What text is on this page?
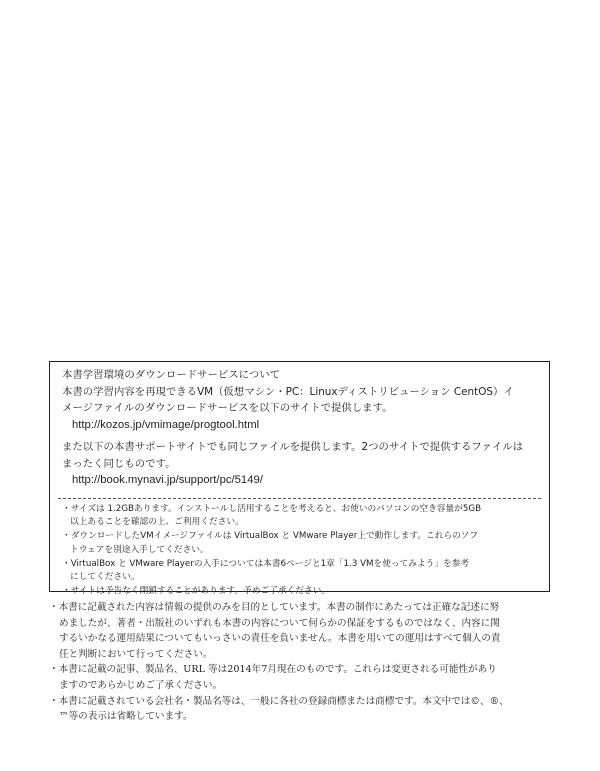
本書学習環境のダウンロードサービスについて

本書の学習内容を再現できるVM（仮想マシン・PC：Linuxディストリビューション CentOS）イ

メージファイルのダウンロードサービスを以下のサイトで提供します。

http://kozos.jp/vmimage/progtool.html

また以下の本書サポートサイトでも同じファイルを提供します。2つのサイトで提供するファイルは

まったく同じものです。

http://book.mynavi.jp/support/pc/5149/

・サイズは 1.2GBあります。インストールし活用することを考えると、お使いのパソコンの空き容量が5GB
以上あることを確認の上、ご利用ください。
・ダウンロードしたVMイメージファイルは VirtualBox と VMware Player上で動作します。これらのソフ
トウェアを別途入手してください。
・VirtualBox と VMware Playerの入手については本書6ページと1章「1.3 VMを使ってみよう」を参考
にしてください。
・サイトは予告なく閉鎖することがあります。予めご了承ください。

・本書に記載された内容は情報の提供のみを目的としています。本書の制作にあたっては正確な記述に努
めましたが、著者・出版社のいずれも本書の内容について何らかの保証をするものではなく、内容に関
するいかなる運用結果についてもいっさいの責任を負いません。本書を用いての運用はすべて個人の責
任と判断において行ってください。

・本書に記載の記事、製品名、URL 等は2014年7月現在のものです。これらは変更される可能性があり
ますのであらかじめご了承ください。

・本書に記載されている会社名・製品名等は、一般に各社の登録商標または商標です。本文中では©、®、
™等の表示は省略しています。
